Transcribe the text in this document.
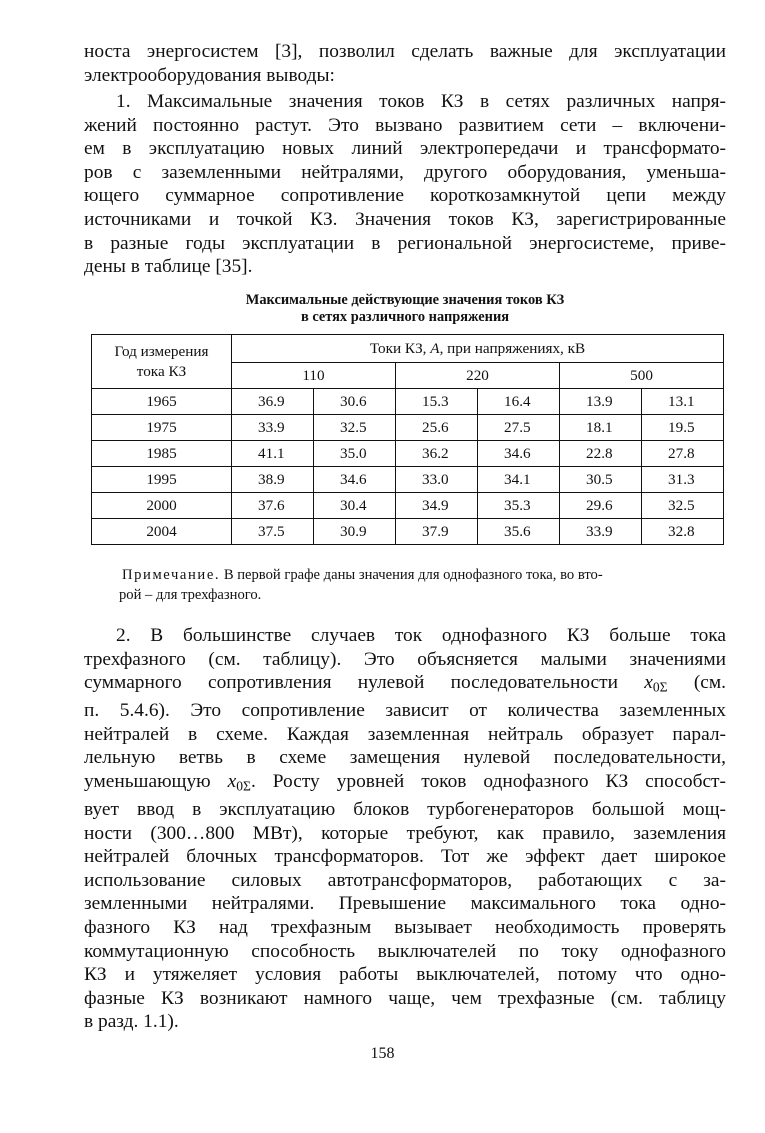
носта энергосистем [3], позволил сделать важные для эксплуатации
электрооборудования выводы:

1. Максимальные значения токов КЗ в сетях различных напря-
жений постоянно растут. Это вызвано развитием сети – включени-
ем в эксплуатацию новых линий электропередачи и трансформато-
ров с заземленными нейтралями, другого оборудования, уменьша-
ющего суммарное сопротивление короткозамкнутой цепи между
источниками и точкой КЗ. Значения токов КЗ, зарегистрированные
в разные годы эксплуатации в региональной энергосистеме, приве-
дены в таблице [35].

Максимальные действующие значения токов КЗ
в сетях различного напряжения
Год измерения
тока КЗ	Токи КЗ, А, при напряжениях, кВ					
	110		220		500	
1965	36.9	30.6	15.3	16.4	13.9	13.1
1975	33.9	32.5	25.6	27.5	18.1	19.5
1985	41.1	35.0	36.2	34.6	22.8	27.8
1995	38.9	34.6	33.0	34.1	30.5	31.3
2000	37.6	30.4	34.9	35.3	29.6	32.5
2004	37.5	30.9	37.9	35.6	33.9	32.8

Примечание. В первой графе даны значения для однофазного тока, во вто-
рой – для трехфазного.

2. В большинстве случаев ток однофазного КЗ больше тока
трехфазного (см. таблицу). Это объясняется малыми значениями
суммарного сопротивления нулевой последовательности $x_{0\Sigma}$ (см.
п. 5.4.6). Это сопротивление зависит от количества заземленных
нейтралей в схеме. Каждая заземленная нейтраль образует парал-
лельную ветвь в схеме замещения нулевой последовательности,
уменьшающую $x_{0\Sigma}$. Росту уровней токов однофазного КЗ способст-
вует ввод в эксплуатацию блоков турбогенераторов большой мощ-
ности (300…800 МВт), которые требуют, как правило, заземления
нейтралей блочных трансформаторов. Тот же эффект дает широкое
использование силовых автотрансформаторов, работающих с за-
земленными нейтралями. Превышение максимального тока одно-
фазного КЗ над трехфазным вызывает необходимость проверять
коммутационную способность выключателей по току однофазного
КЗ и утяжеляет условия работы выключателей, потому что одно-
фазные КЗ возникают намного чаще, чем трехфазные (см. таблицу
в разд. 1.1).

158
